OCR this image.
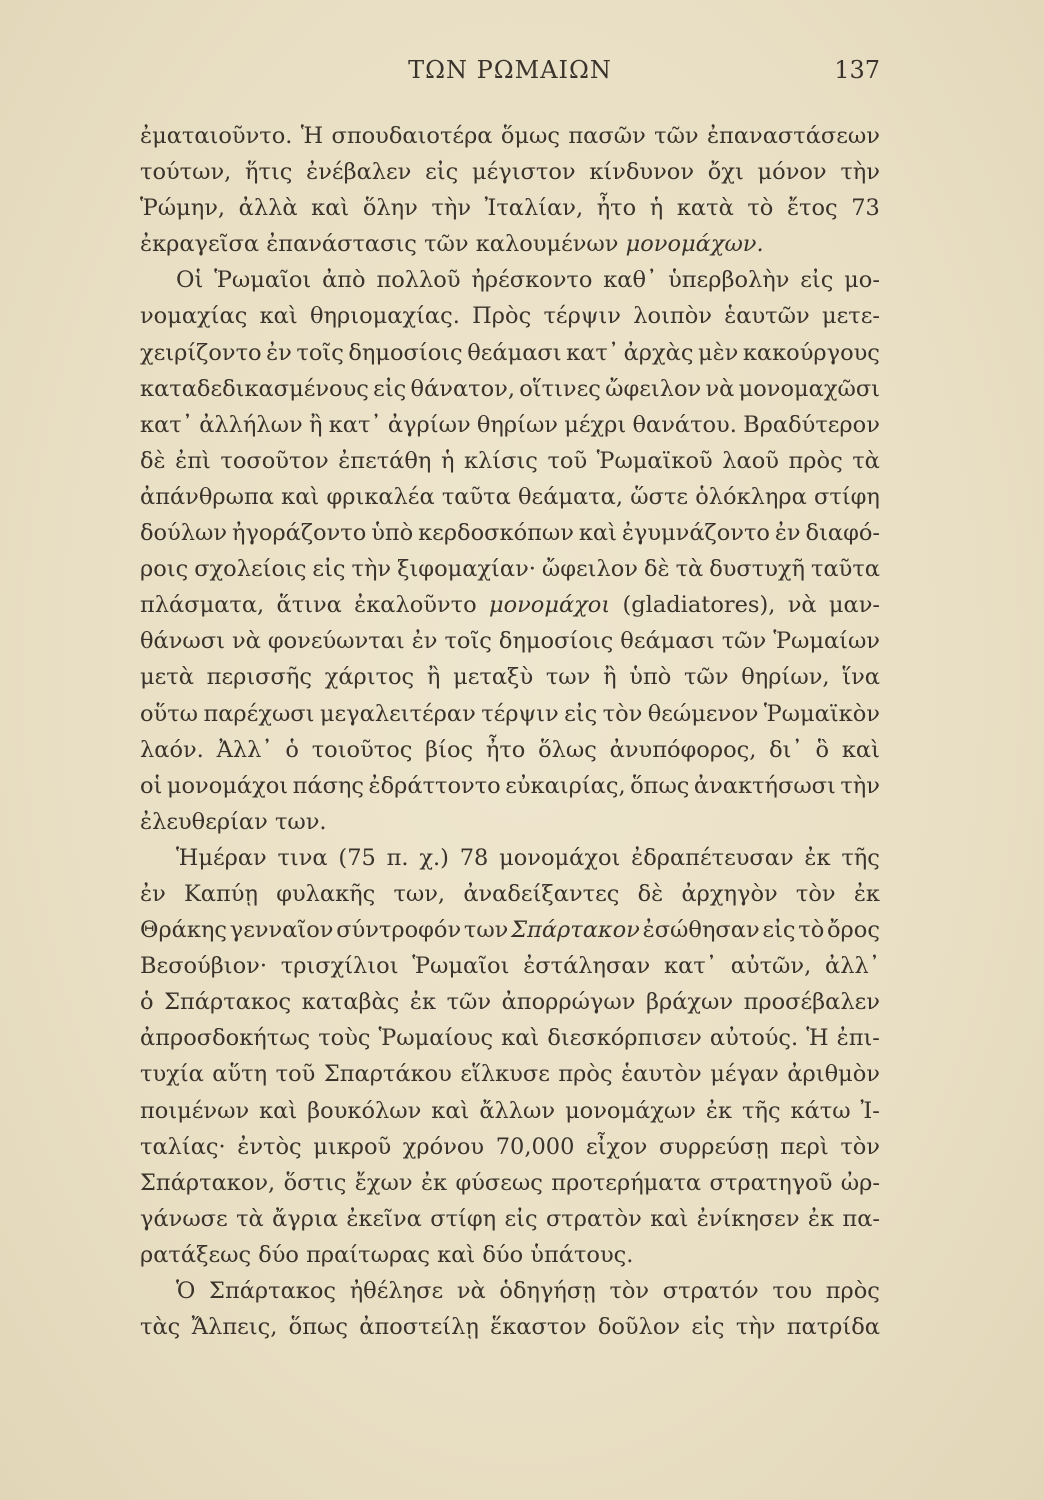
ΤΩΝ ΡΩΜΑΙΩΝ	137
ἐματαιοῦντο. Ἡ σπουδαιοτέρα ὅμως πασῶν τῶν ἐπαναστάσεων
τούτων, ἥτις ἐνέβαλεν εἰς μέγιστον κίνδυνον ὄχι μόνον τὴν
Ῥώμην, ἀλλὰ καὶ ὅλην τὴν Ἰταλίαν, ἦτο ἡ κατὰ τὸ ἔτος 73
ἐκραγεῖσα ἐπανάστασις τῶν καλουμένων μονομάχων.
Οἱ Ῥωμαῖοι ἀπὸ πολλοῦ ἠρέσκοντο καθ᾽ ὑπερβολὴν εἰς μο-
νομαχίας καὶ θηριομαχίας. Πρὸς τέρψιν λοιπὸν ἑαυτῶν μετε-
χειρίζοντο ἐν τοῖς δημοσίοις θεάμασι κατ᾽ ἀρχὰς μὲν κακούργους
καταδεδικασμένους εἰς θάνατον, οἵτινες ὤφειλον νὰ μονομαχῶσι
κατ᾽ ἀλλήλων ἢ κατ᾽ ἀγρίων θηρίων μέχρι θανάτου. Βραδύτερον
δὲ ἐπὶ τοσοῦτον ἐπετάθη ἡ κλίσις τοῦ Ῥωμαϊκοῦ λαοῦ πρὸς τὰ
ἀπάνθρωπα καὶ φρικαλέα ταῦτα θεάματα, ὥστε ὁλόκληρα στίφη
δούλων ἠγοράζοντο ὑπὸ κερδοσκόπων καὶ ἐγυμνάζοντο ἐν διαφό-
ροις σχολείοις εἰς τὴν ξιφομαχίαν· ὤφειλον δὲ τὰ δυστυχῆ ταῦτα
πλάσματα, ἅτινα ἐκαλοῦντο μονομάχοι (gladiatores), νὰ μαν-
θάνωσι νὰ φονεύωνται ἐν τοῖς δημοσίοις θεάμασι τῶν Ῥωμαίων
μετὰ περισσῆς χάριτος ἢ μεταξὺ των ἢ ὑπὸ τῶν θηρίων, ἵνα
οὕτω παρέχωσι μεγαλειτέραν τέρψιν εἰς τὸν θεώμενον Ῥωμαϊκὸν
λαόν. Ἀλλ᾽ ὁ τοιοῦτος βίος ἦτο ὅλως ἀνυπόφορος, δι᾽ ὃ καὶ
οἱ μονομάχοι πάσης ἐδράττοντο εὐκαιρίας, ὅπως ἀνακτήσωσι τὴν
ἐλευθερίαν των.
Ἡμέραν τινα (75 π. χ.) 78 μονομάχοι ἐδραπέτευσαν ἐκ τῆς
ἐν Καπύῃ φυλακῆς των, ἀναδείξαντες δὲ ἀρχηγὸν τὸν ἐκ
Θράκης γενναῖον σύντροφόν των Σπάρτακον ἐσώθησαν εἰς τὸ ὄρος
Βεσούβιον· τρισχίλιοι Ῥωμαῖοι ἐστάλησαν κατ᾽ αὐτῶν, ἀλλ᾽
ὁ Σπάρτακος καταβὰς ἐκ τῶν ἀπορρώγων βράχων προσέβαλεν
ἀπροσδοκήτως τοὺς Ῥωμαίους καὶ διεσκόρπισεν αὐτούς. Ἡ ἐπι-
τυχία αὕτη τοῦ Σπαρτάκου εἵλκυσε πρὸς ἑαυτὸν μέγαν ἀριθμὸν
ποιμένων καὶ βουκόλων καὶ ἄλλων μονομάχων ἐκ τῆς κάτω Ἰ-
ταλίας· ἐντὸς μικροῦ χρόνου 70,000 εἶχον συρρεύσῃ περὶ τὸν
Σπάρτακον, ὅστις ἔχων ἐκ φύσεως προτερήματα στρατηγοῦ ὠρ-
γάνωσε τὰ ἄγρια ἐκεῖνα στίφη εἰς στρατὸν καὶ ἐνίκησεν ἐκ πα-
ρατάξεως δύο πραίτωρας καὶ δύο ὑπάτους.
Ὁ Σπάρτακος ἠθέλησε νὰ ὁδηγήσῃ τὸν στρατόν του πρὸς
τὰς Ἄλπεις, ὅπως ἀποστείλῃ ἕκαστον δοῦλον εἰς τὴν πατρίδα
